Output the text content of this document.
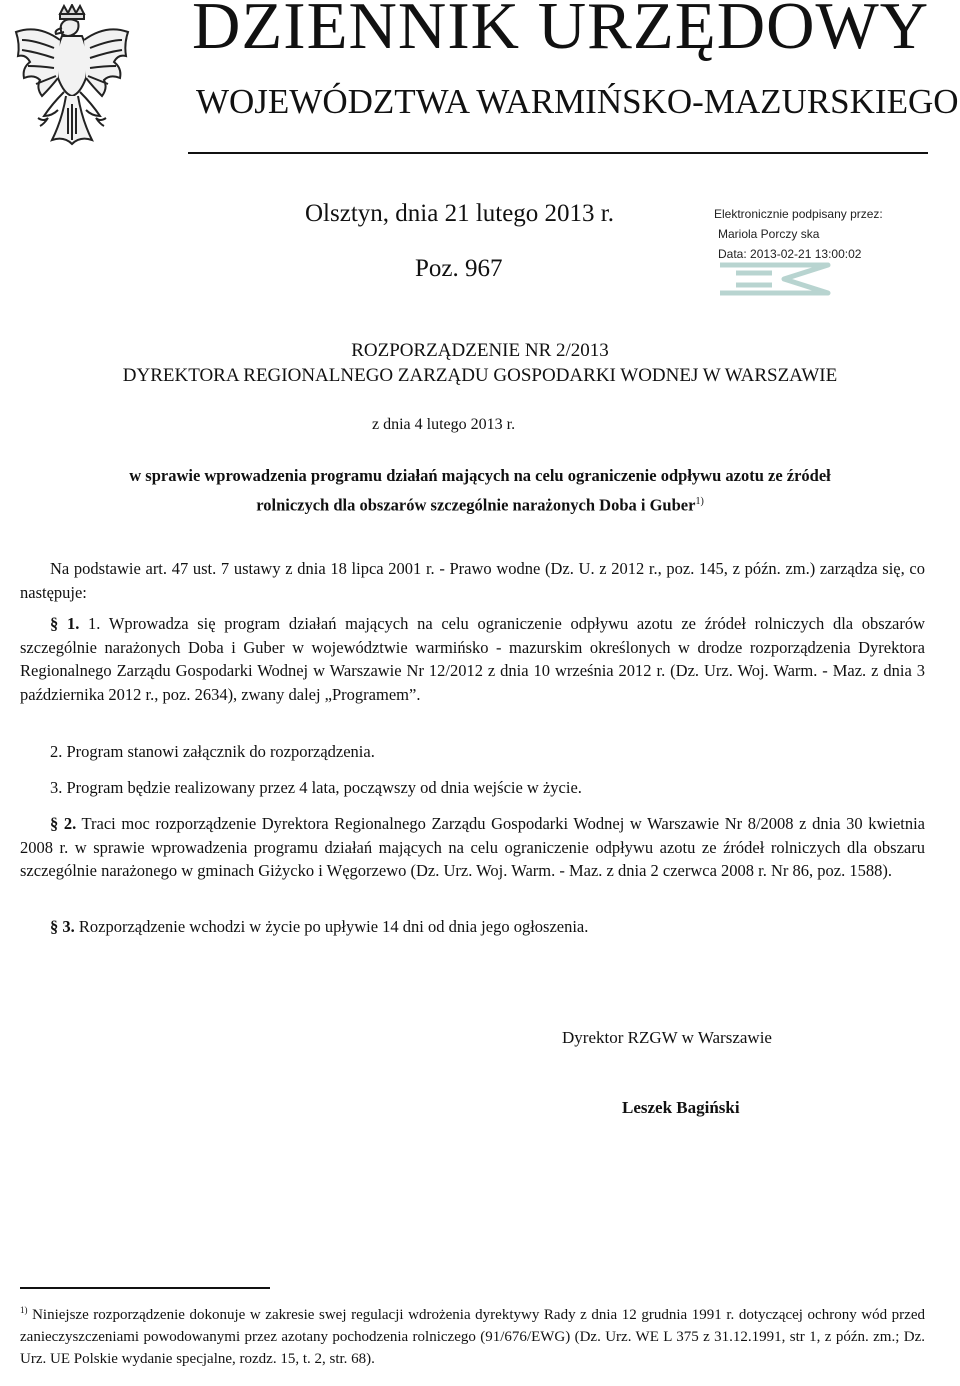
DZIENNIK URZĘDOWY
WOJEWÓDZTWA WARMIŃSKO-MAZURSKIEGO
Olsztyn, dnia 21 lutego 2013 r.
Poz. 967
Elektronicznie podpisany przez:
Mariola Porczy ska
Data: 2013-02-21 13:00:02
ROZPORZĄDZENIE NR 2/2013
DYREKTORA REGIONALNEGO ZARZĄDU GOSPODARKI WODNEJ W WARSZAWIE
z dnia 4 lutego 2013 r.
w sprawie wprowadzenia programu działań mających na celu ograniczenie odpływu azotu ze źródeł
rolniczych dla obszarów szczególnie narażonych Doba i Guber$^{1)}$
Na podstawie art. 47 ust. 7 ustawy z dnia 18 lipca 2001 r. - Prawo wodne (Dz. U. z 2012 r., poz. 145, z późn. zm.) zarządza się, co następuje:
§ 1. 1. Wprowadza się program działań mających na celu ograniczenie odpływu azotu ze źródeł rolniczych dla obszarów szczególnie narażonych Doba i Guber w województwie warmińsko - mazurskim określonych w drodze rozporządzenia Dyrektora Regionalnego Zarządu Gospodarki Wodnej w Warszawie Nr 12/2012 z dnia 10 września 2012 r. (Dz. Urz. Woj. Warm. - Maz. z dnia 3 października 2012 r., poz. 2634), zwany dalej „Programem”.
2. Program stanowi załącznik do rozporządzenia.
3. Program będzie realizowany przez 4 lata, począwszy od dnia wejście w życie.
§ 2. Traci moc rozporządzenie Dyrektora Regionalnego Zarządu Gospodarki Wodnej w Warszawie Nr 8/2008 z dnia 30 kwietnia 2008 r. w sprawie wprowadzenia programu działań mających na celu ograniczenie odpływu azotu ze źródeł rolniczych dla obszaru szczególnie narażonego w gminach Giżycko i Węgorzewo (Dz. Urz. Woj. Warm. - Maz. z dnia 2 czerwca 2008 r. Nr 86, poz. 1588).
§ 3. Rozporządzenie wchodzi w życie po upływie 14 dni od dnia jego ogłoszenia.
Dyrektor RZGW w Warszawie
Leszek Bagiński
$^{1)}$ Niniejsze rozporządzenie dokonuje w zakresie swej regulacji wdrożenia dyrektywy Rady z dnia 12 grudnia 1991 r. dotyczącej ochrony wód przed zanieczyszczeniami powodowanymi przez azotany pochodzenia rolniczego (91/676/EWG) (Dz. Urz. WE L 375 z 31.12.1991, str 1, z późn. zm.; Dz. Urz. UE Polskie wydanie specjalne, rozdz. 15, t. 2, str. 68).
